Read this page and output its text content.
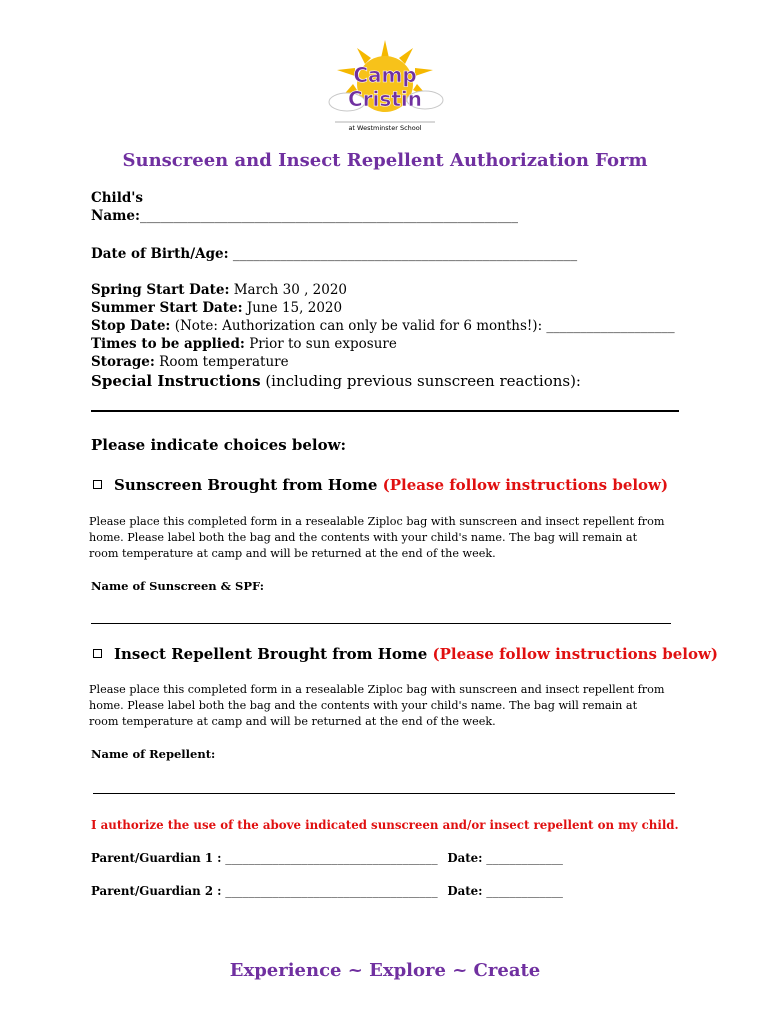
Camp
Cristin
at Westminster School
Sunscreen and Insect Repellent Authorization Form
Child's
Name:________________________________________________________
Date of Birth/Age: ___________________________________________________
Spring Start Date: March 30 , 2020
Summer Start Date: June 15, 2020
Stop Date: (Note: Authorization can only be valid for 6 months!): ___________________
Times to be applied: Prior to sun exposure
Storage: Room temperature
Special Instructions (including previous sunscreen reactions):
Please indicate choices below:
Sunscreen Brought from Home (Please follow instructions below)
Please place this completed form in a resealable Ziploc bag with sunscreen and insect repellent from home. Please label both the bag and the contents with your child's name. The bag will remain at room temperature at camp and will be returned at the end of the week.
Name of Sunscreen & SPF:
Insect Repellent Brought from Home (Please follow instructions below)
Please place this completed form in a resealable Ziploc bag with sunscreen and insect repellent from home. Please label both the bag and the contents with your child's name. The bag will remain at room temperature at camp and will be returned at the end of the week.
Name of Repellent:
I authorize the use of the above indicated sunscreen and/or insect repellent on my child.
Parent/Guardian 1 : ____________________________________ Date: _____________
Parent/Guardian 2 : ____________________________________ Date: _____________
Experience ~ Explore ~ Create
